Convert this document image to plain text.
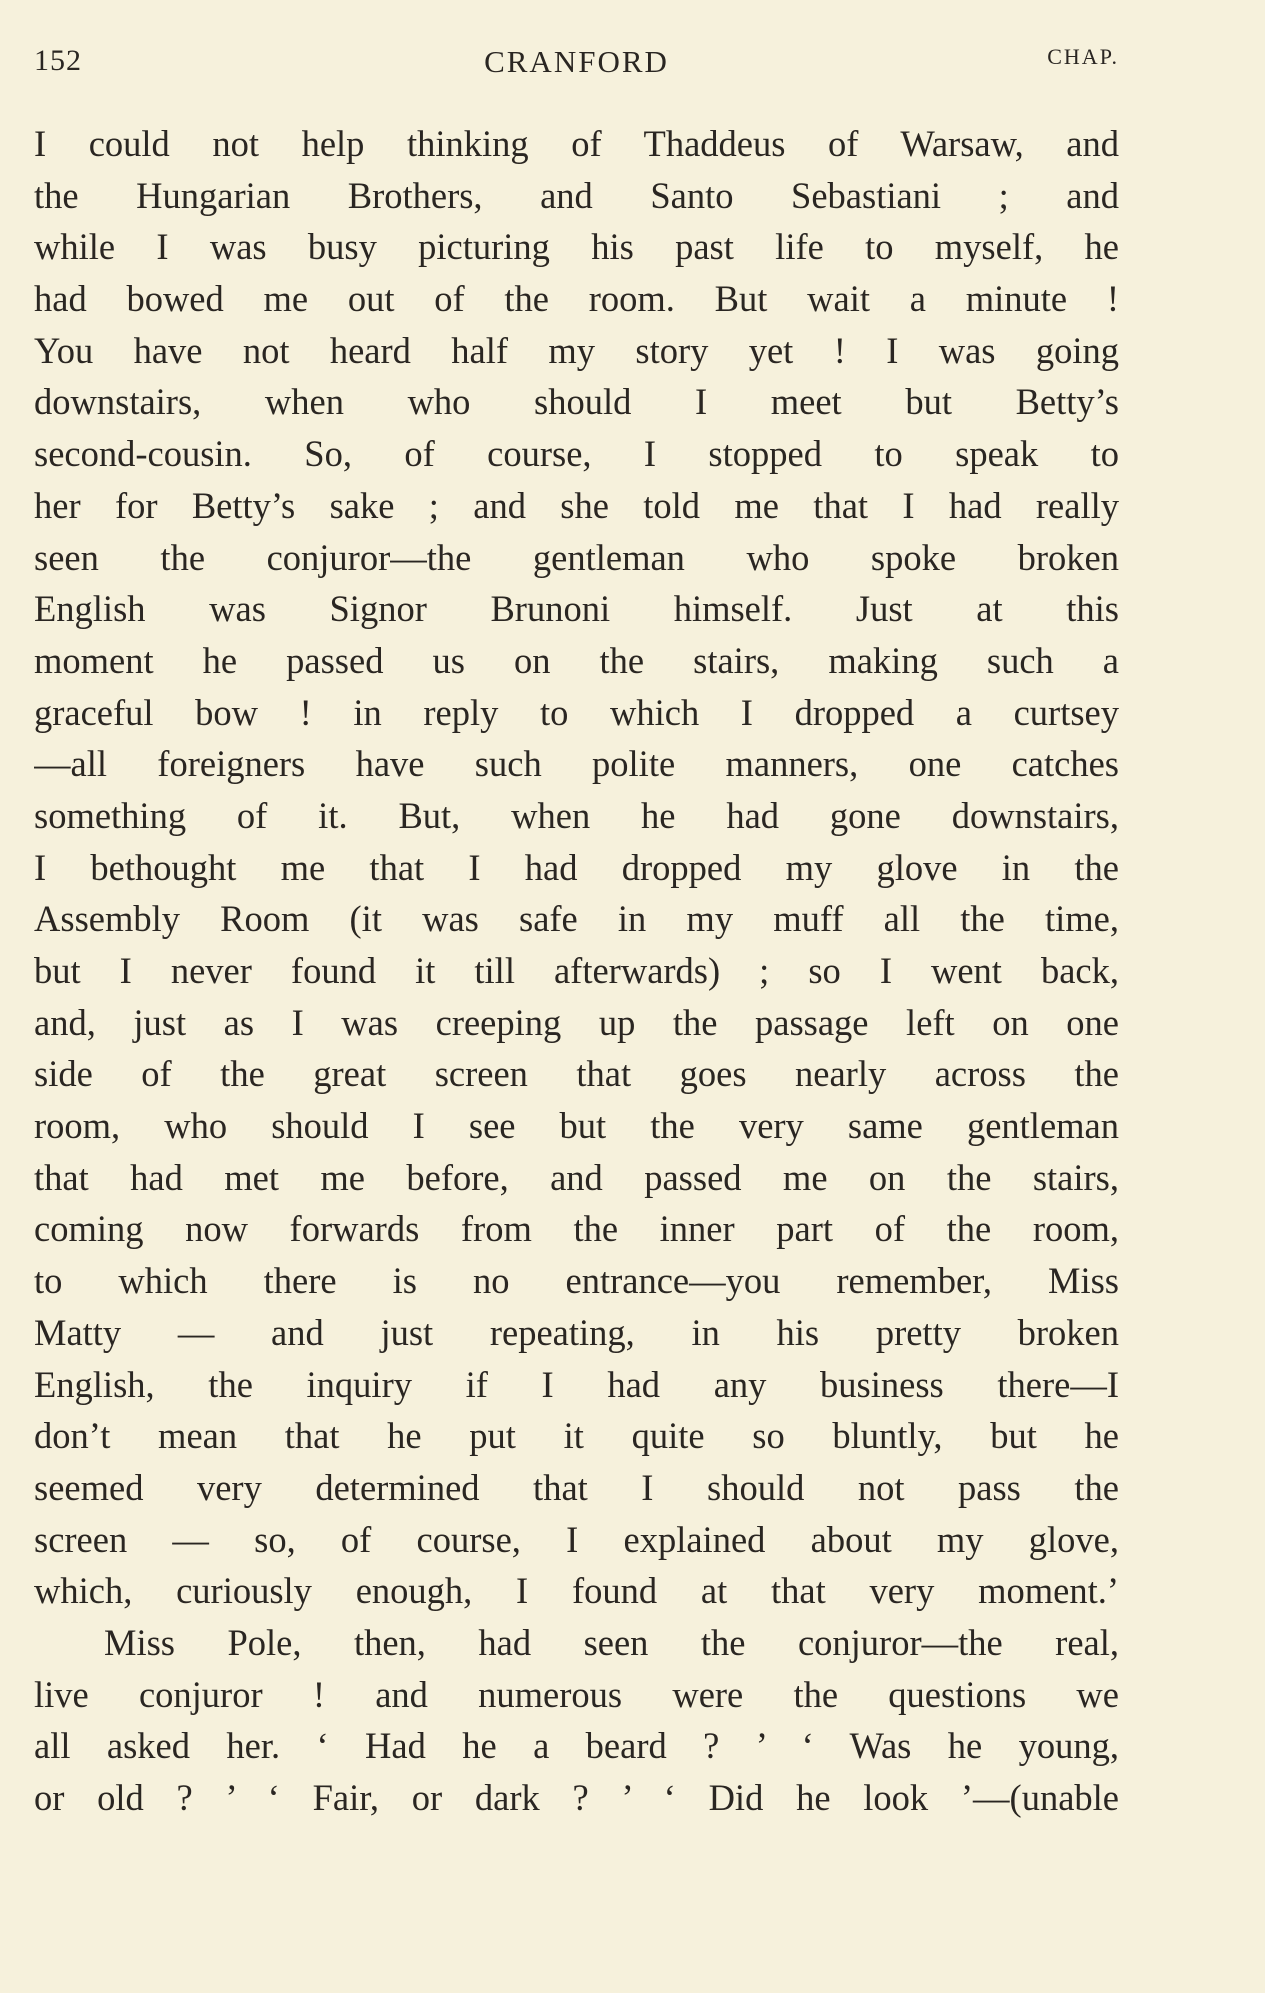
152	CRANFORD	CHAP.
I could not help thinking of Thaddeus of Warsaw, and
the Hungarian Brothers, and Santo Sebastiani ; and
while I was busy picturing his past life to myself, he
had bowed me out of the room. But wait a minute !
You have not heard half my story yet ! I was going
downstairs, when who should I meet but Betty’s
second-cousin. So, of course, I stopped to speak to
her for Betty’s sake ; and she told me that I had really
seen the conjuror—the gentleman who spoke broken
English was Signor Brunoni himself. Just at this
moment he passed us on the stairs, making such a
graceful bow ! in reply to which I dropped a curtsey
—all foreigners have such polite manners, one catches
something of it. But, when he had gone downstairs,
I bethought me that I had dropped my glove in the
Assembly Room (it was safe in my muff all the time,
but I never found it till afterwards) ; so I went back,
and, just as I was creeping up the passage left on one
side of the great screen that goes nearly across the
room, who should I see but the very same gentleman
that had met me before, and passed me on the stairs,
coming now forwards from the inner part of the room,
to which there is no entrance—you remember, Miss
Matty — and just repeating, in his pretty broken
English, the inquiry if I had any business there—I
don’t mean that he put it quite so bluntly, but he
seemed very determined that I should not pass the
screen — so, of course, I explained about my glove,
which, curiously enough, I found at that very moment.’
Miss Pole, then, had seen the conjuror—the real,
live conjuror ! and numerous were the questions we
all asked her. ‘ Had he a beard ? ’ ‘ Was he young,
or old ? ’ ‘ Fair, or dark ? ’ ‘ Did he look ’—(unable
